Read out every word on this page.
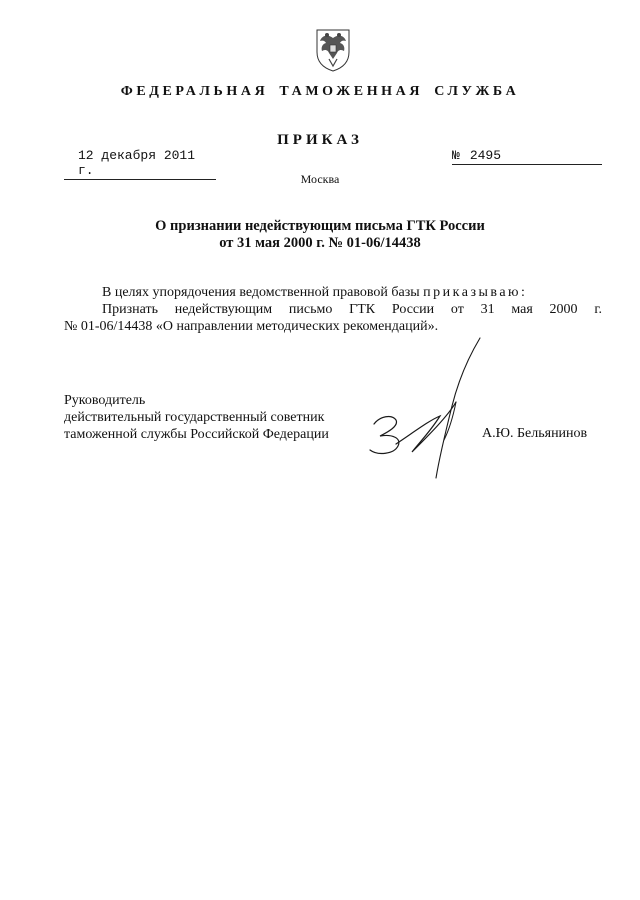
ФЕДЕРАЛЬНАЯ ТАМОЖЕННАЯ СЛУЖБА
ПРИКАЗ
12 декабря 2011 г.
№ 2495
Москва
О признании недействующим письма ГТК России
от 31 мая 2000 г. № 01-06/14438

В целях упорядочения ведомственной правовой базы приказываю:

Признать недействующим письмо ГТК России от 31 мая 2000 г.

№ 01-06/14438 «О направлении методических рекомендаций».

Руководитель
действительный государственный советник
таможенной службы Российской Федерации	А.Ю. Бельянинов
